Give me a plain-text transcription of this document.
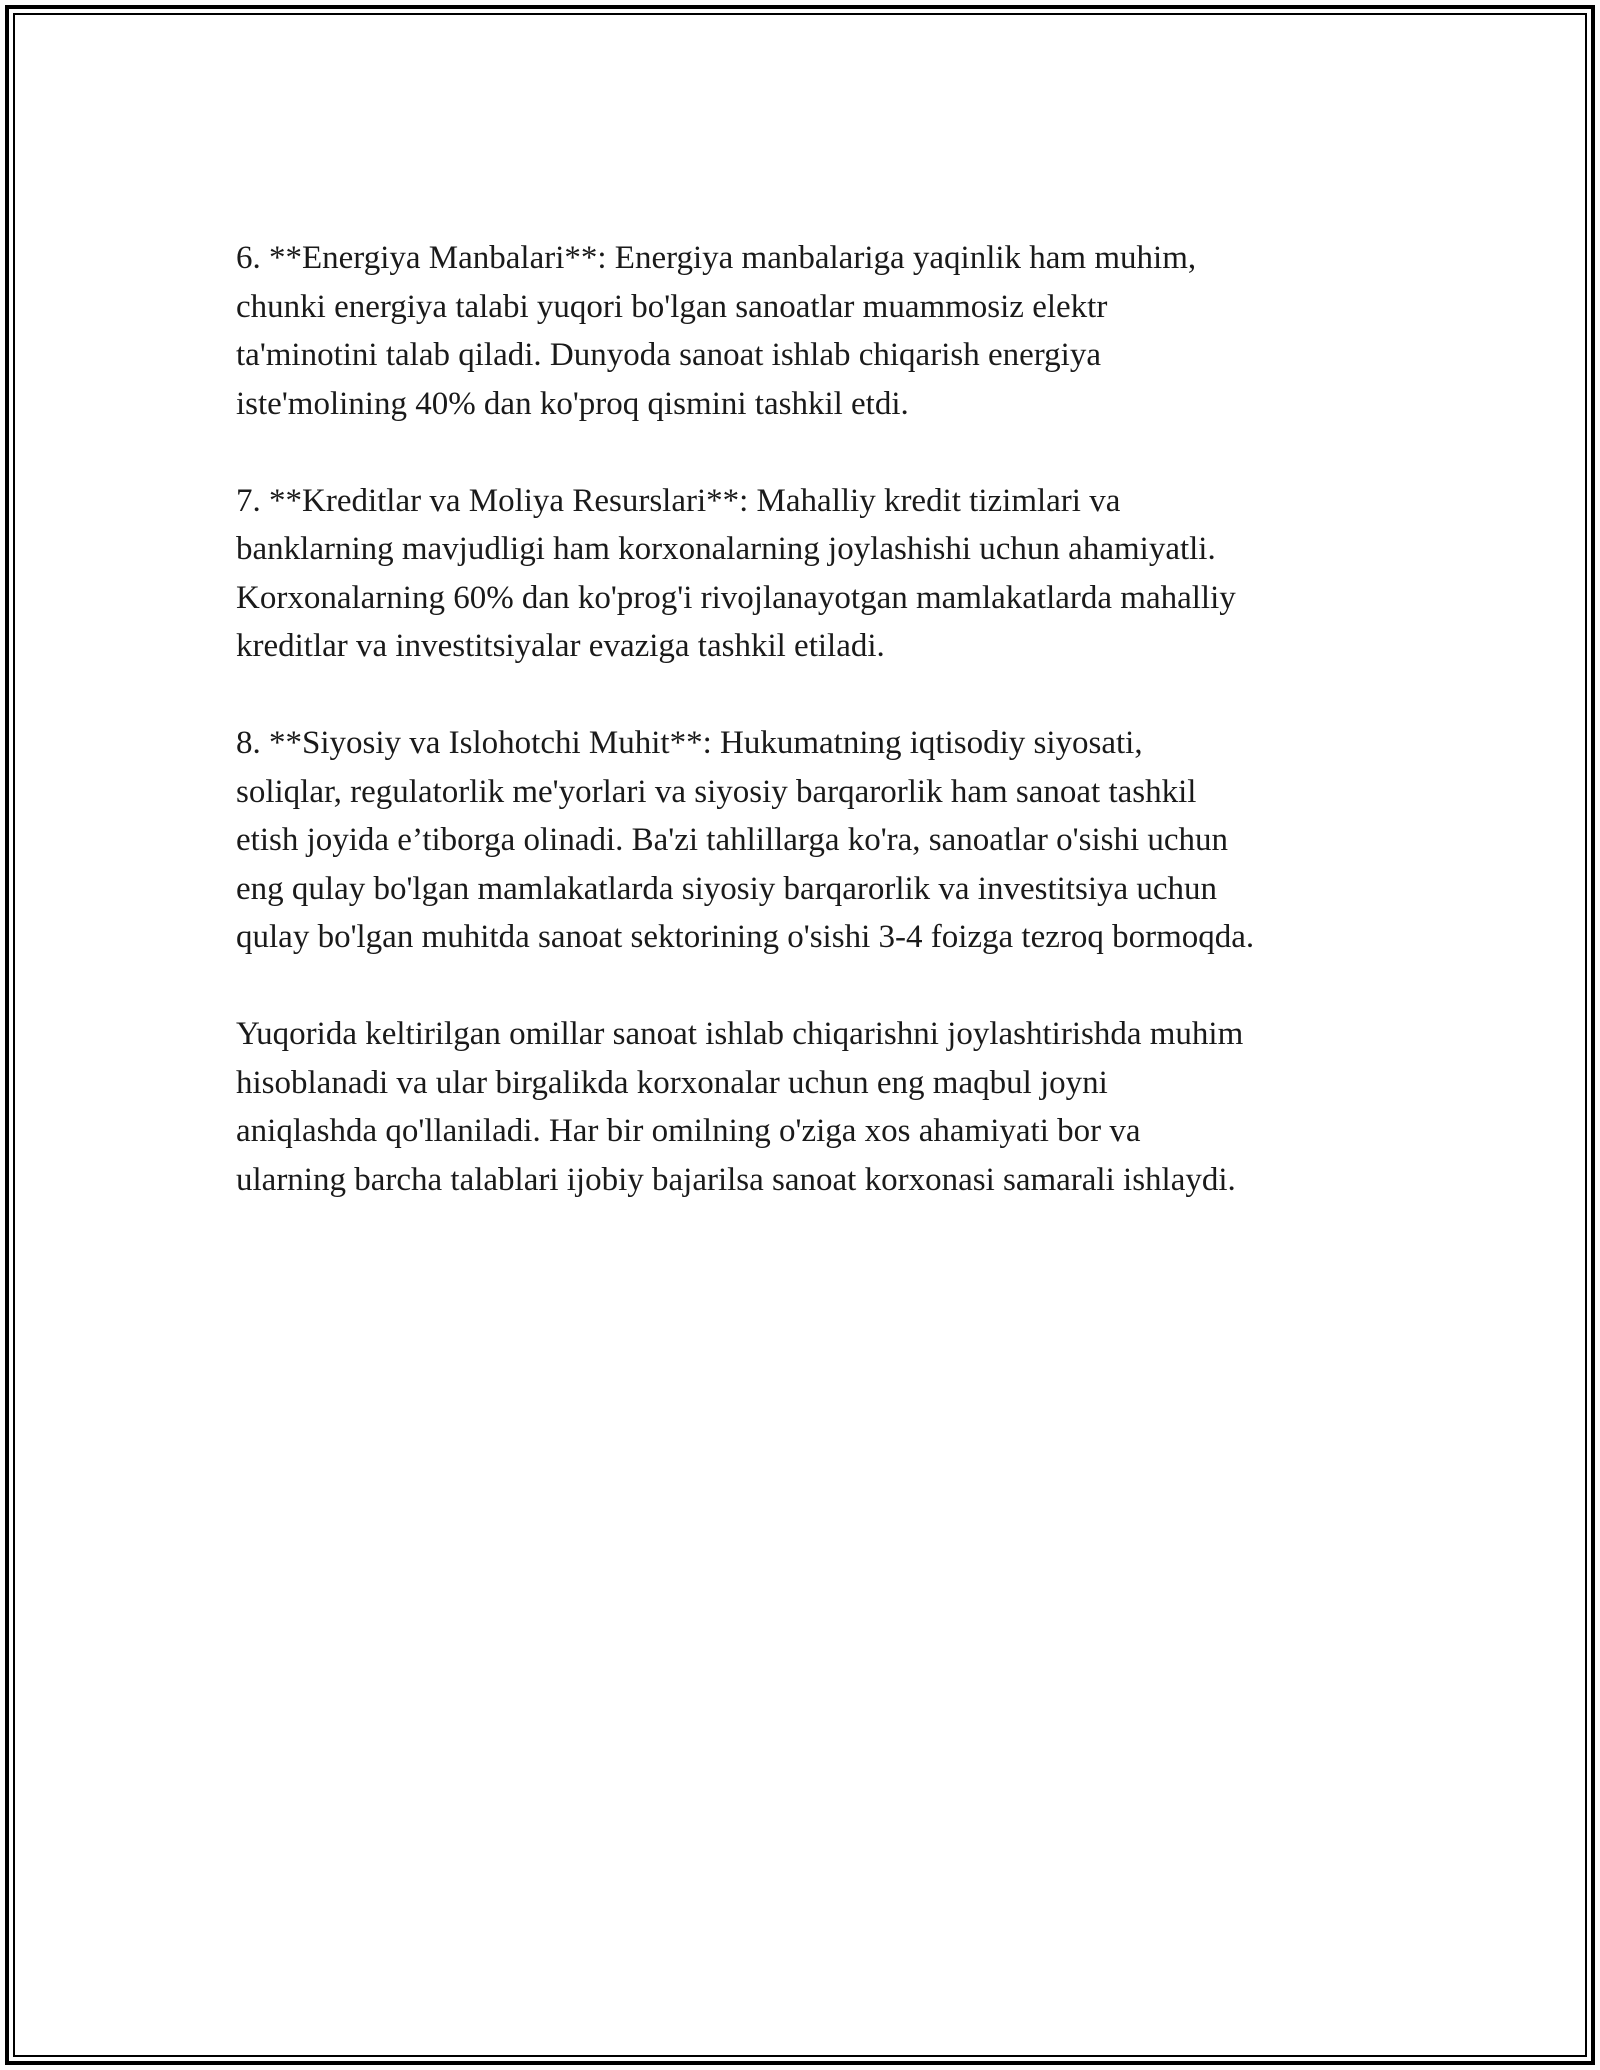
6. **Energiya Manbalari**: Energiya manbalariga yaqinlik ham muhim,
chunki energiya talabi yuqori bo'lgan sanoatlar muammosiz elektr
ta'minotini talab qiladi. Dunyoda sanoat ishlab chiqarish energiya
iste'molining 40% dan ko'proq qismini tashkil etdi.

7. **Kreditlar va Moliya Resurslari**: Mahalliy kredit tizimlari va
banklarning mavjudligi ham korxonalarning joylashishi uchun ahamiyatli.
Korxonalarning 60% dan ko'prog'i rivojlanayotgan mamlakatlarda mahalliy
kreditlar va investitsiyalar evaziga tashkil etiladi.

8. **Siyosiy va Islohotchi Muhit**: Hukumatning iqtisodiy siyosati,
soliqlar, regulatorlik me'yorlari va siyosiy barqarorlik ham sanoat tashkil
etish joyida e’tiborga olinadi. Ba'zi tahlillarga ko'ra, sanoatlar o'sishi uchun
eng qulay bo'lgan mamlakatlarda siyosiy barqarorlik va investitsiya uchun
qulay bo'lgan muhitda sanoat sektorining o'sishi 3-4 foizga tezroq bormoqda.

Yuqorida keltirilgan omillar sanoat ishlab chiqarishni joylashtirishda muhim
hisoblanadi va ular birgalikda korxonalar uchun eng maqbul joyni
aniqlashda qo'llaniladi. Har bir omilning o'ziga xos ahamiyati bor va
ularning barcha talablari ijobiy bajarilsa sanoat korxonasi samarali ishlaydi.
